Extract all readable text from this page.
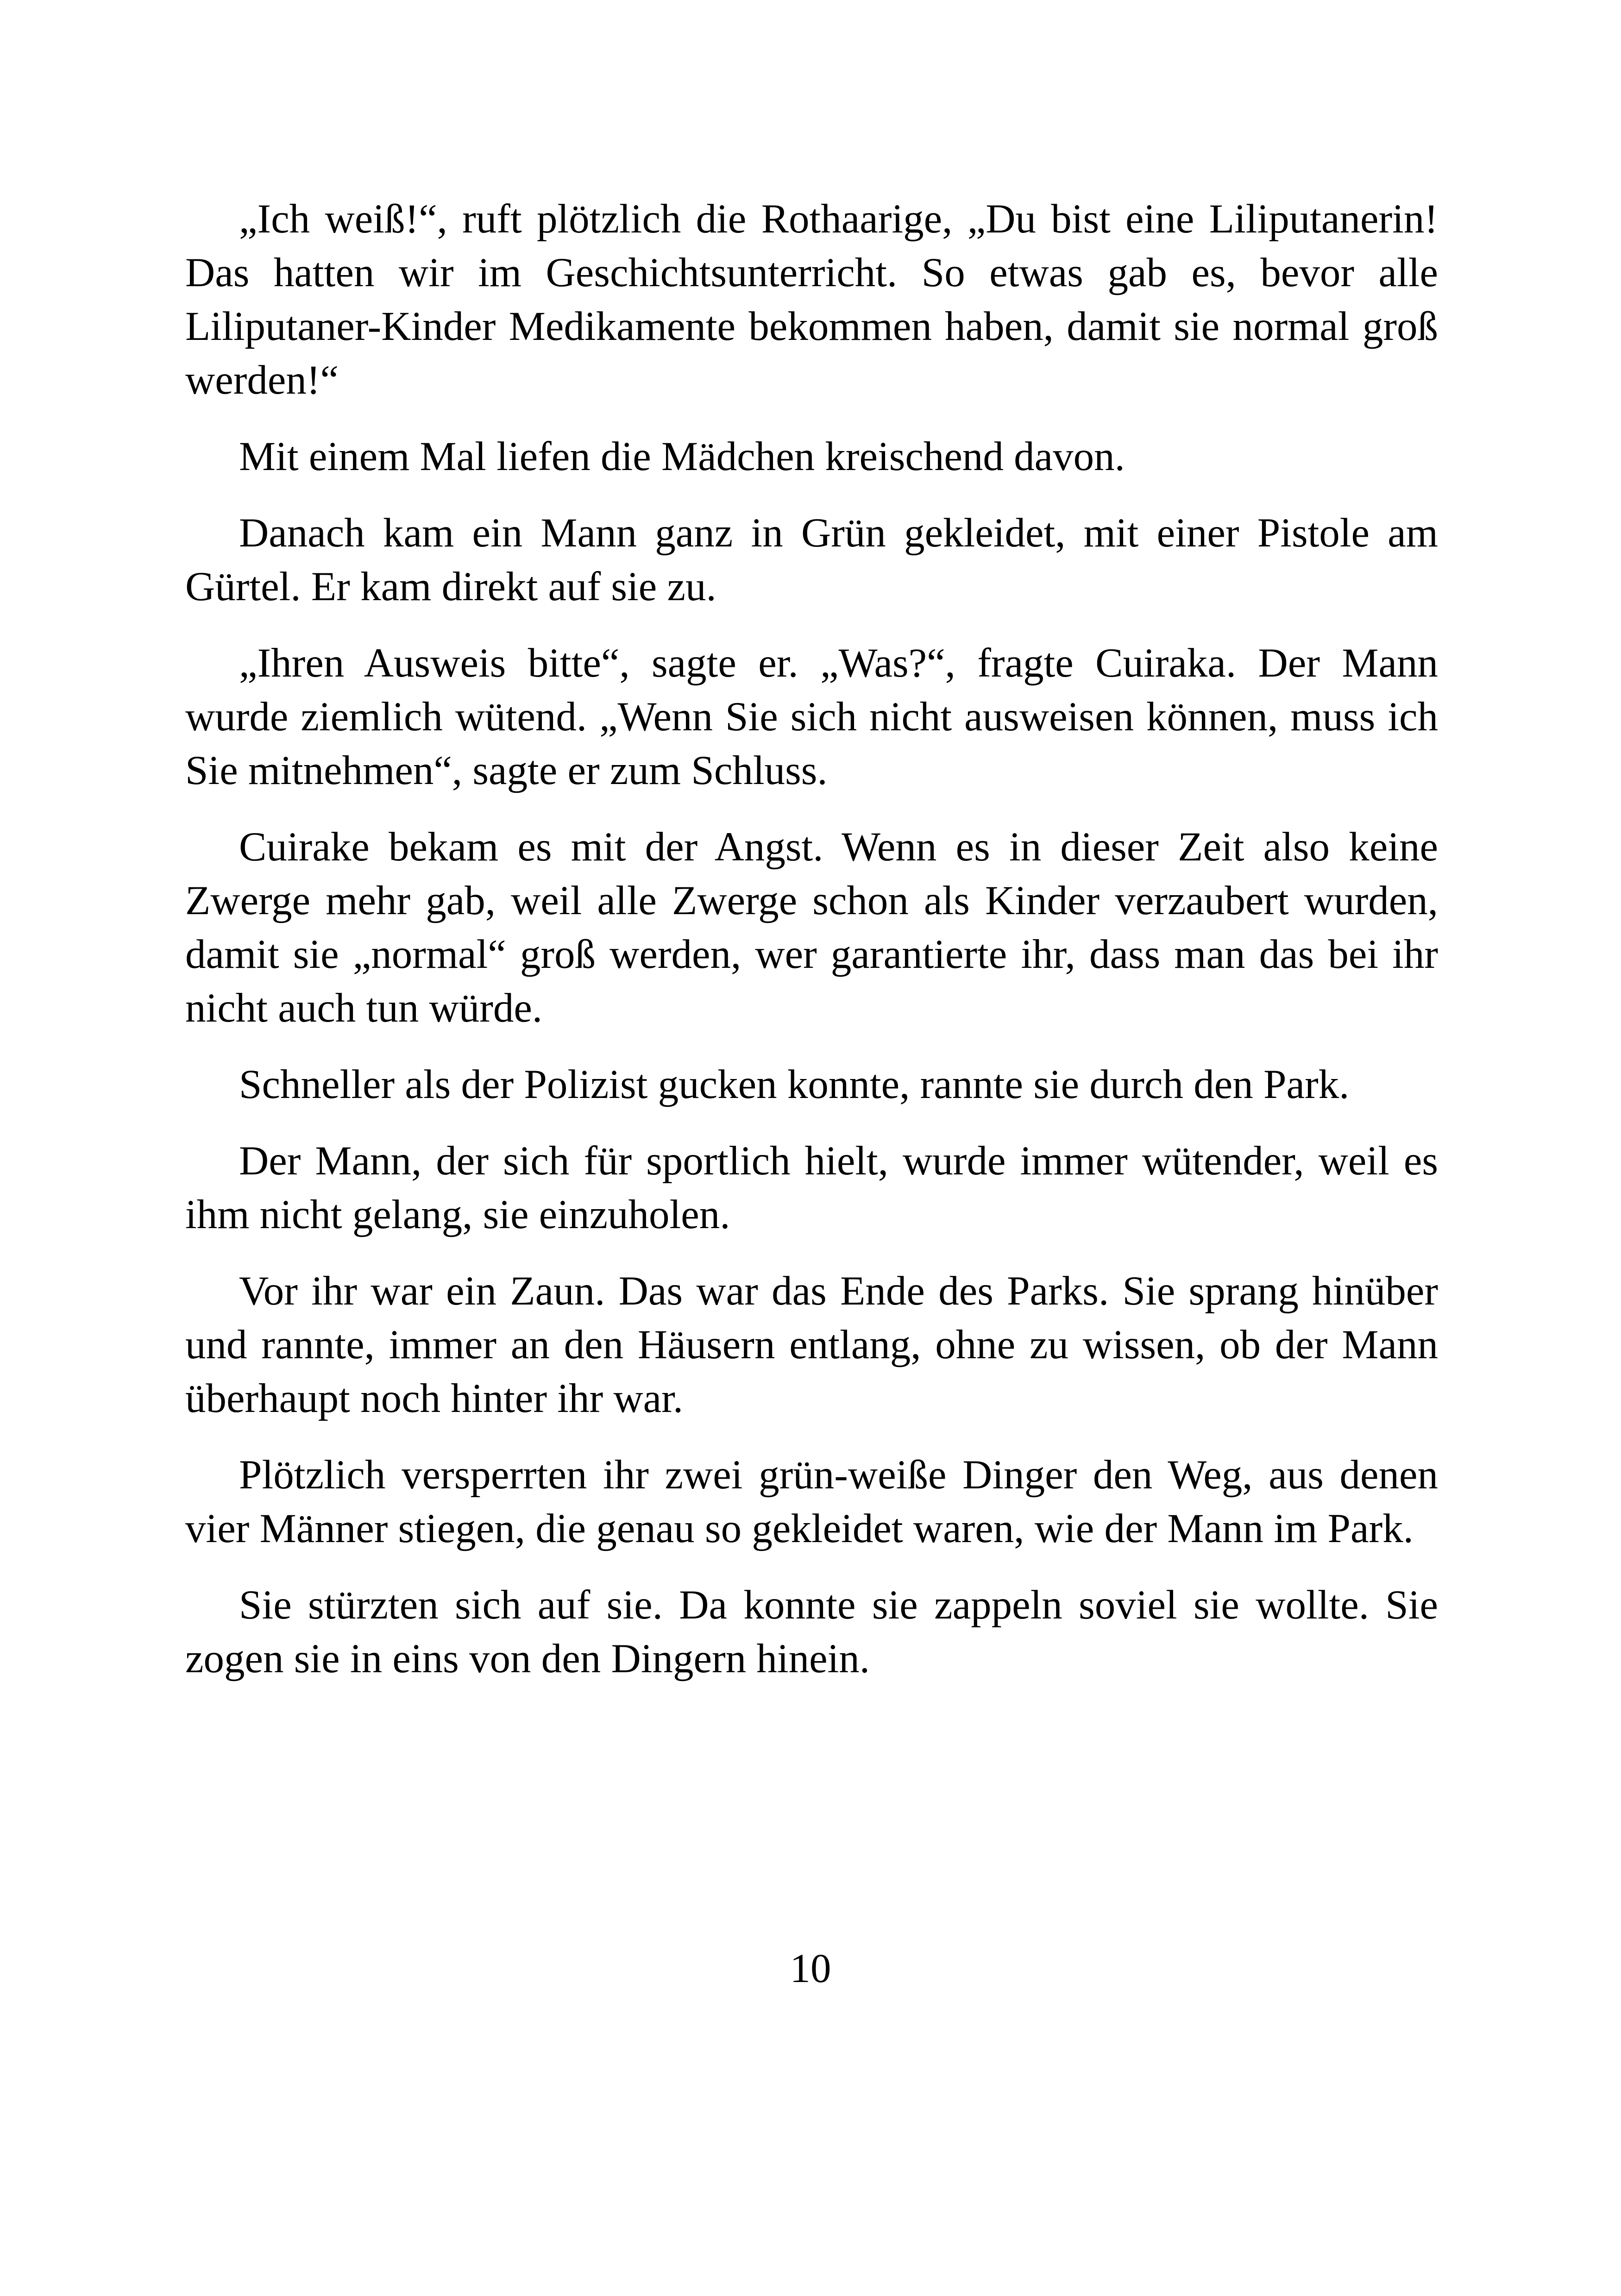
„Ich weiß!“, ruft plötzlich die Rothaarige, „Du bist eine Liliputanerin! Das hatten wir im Geschichtsunterricht. So etwas gab es, bevor alle Liliputaner-Kinder Medikamente bekommen haben, damit sie normal groß werden!“

Mit einem Mal liefen die Mädchen kreischend davon.

Danach kam ein Mann ganz in Grün gekleidet, mit einer Pistole am Gürtel. Er kam direkt auf sie zu.

„Ihren Ausweis bitte“, sagte er. „Was?“, fragte Cuiraka. Der Mann wurde ziemlich wütend. „Wenn Sie sich nicht ausweisen können, muss ich Sie mitnehmen“, sagte er zum Schluss.

Cuirake bekam es mit der Angst. Wenn es in dieser Zeit also keine Zwerge mehr gab, weil alle Zwerge schon als Kinder verzaubert wurden, damit sie „normal“ groß werden, wer garantierte ihr, dass man das bei ihr nicht auch tun würde.

Schneller als der Polizist gucken konnte, rannte sie durch den Park.

Der Mann, der sich für sportlich hielt, wurde immer wütender, weil es ihm nicht gelang, sie einzuholen.

Vor ihr war ein Zaun. Das war das Ende des Parks. Sie sprang hinüber und rannte, immer an den Häusern entlang, ohne zu wissen, ob der Mann überhaupt noch hinter ihr war.

Plötzlich versperrten ihr zwei grün-weiße Dinger den Weg, aus denen vier Männer stiegen, die genau so gekleidet waren, wie der Mann im Park.

Sie stürzten sich auf sie. Da konnte sie zappeln soviel sie wollte. Sie zogen sie in eins von den Dingern hinein.

10
